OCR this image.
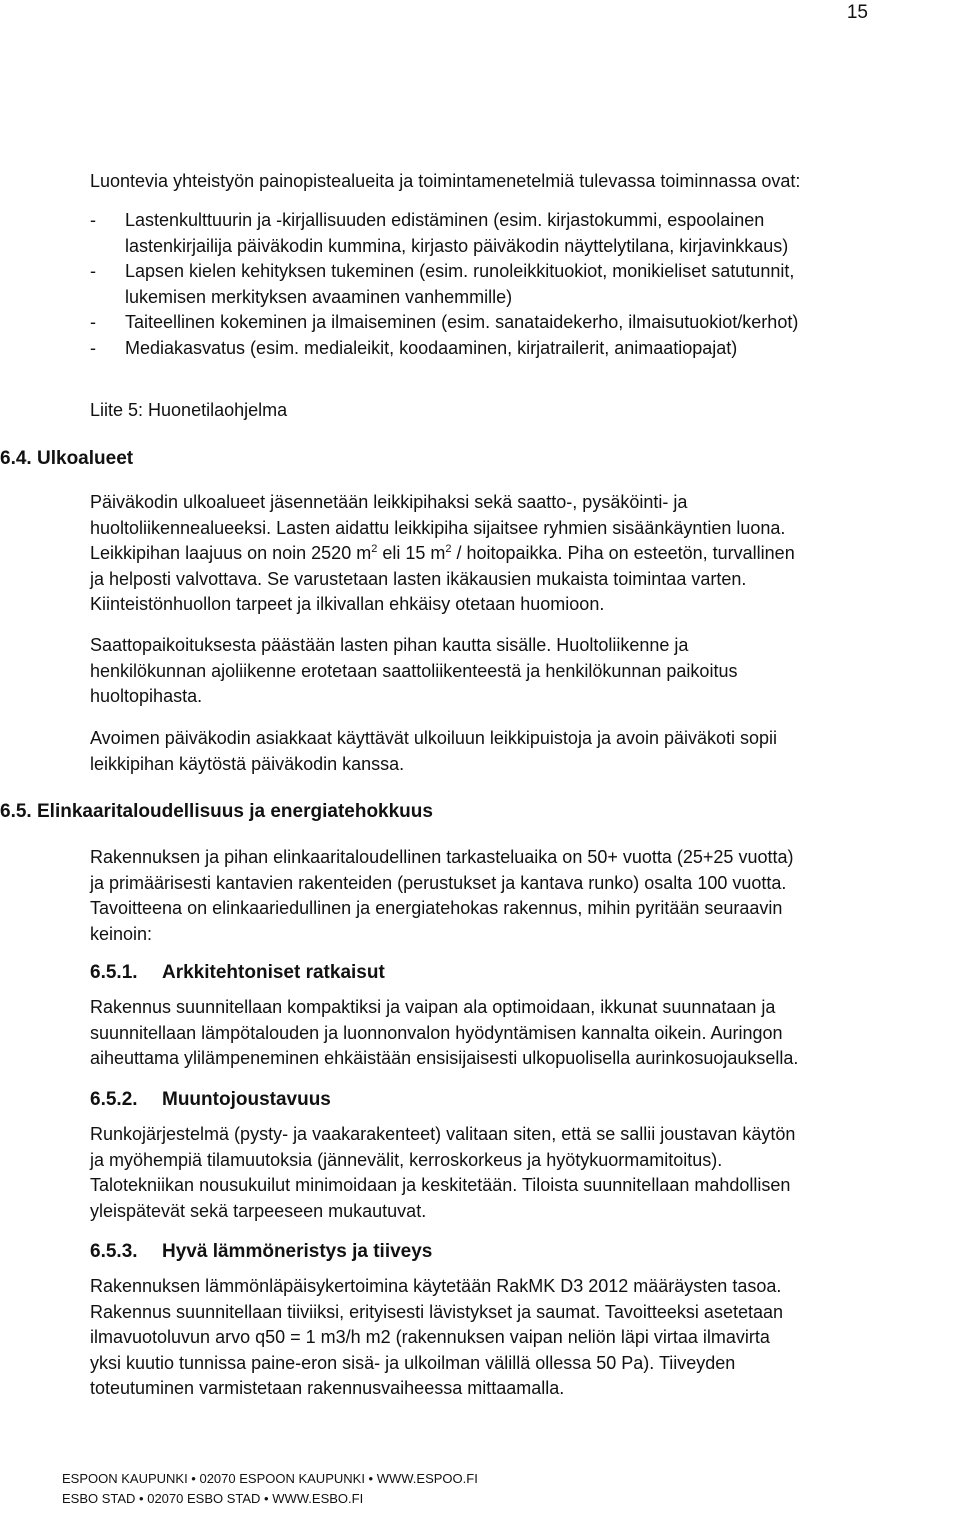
15
Luontevia yhteistyön painopistealueita ja toimintamenetelmiä tulevassa toiminnassa ovat:
- Lastenkulttuurin ja -kirjallisuuden edistäminen (esim. kirjastokummi, espoolainen
lastenkirjailija päiväkodin kummina, kirjasto päiväkodin näyttelytilana, kirjavinkkaus)
- Lapsen kielen kehityksen tukeminen (esim. runoleikkituokiot, monikieliset satutunnit,
lukemisen merkityksen avaaminen vanhemmille)
- Taiteellinen kokeminen ja ilmaiseminen (esim. sanataidekerho, ilmaisutuokiot/kerhot)
- Mediakasvatus (esim. medialeikit, koodaaminen, kirjatrailerit, animaatiopajat)
Liite 5: Huonetilaohjelma
6.4. Ulkoalueet
Päiväkodin ulkoalueet jäsennetään leikkipihaksi sekä saatto-, pysäköinti- ja
huoltoliikennealueeksi. Lasten aidattu leikkipiha sijaitsee ryhmien sisäänkäyntien luona.
Leikkipihan laajuus on noin 2520 $m^2$ eli 15 $m^2$ / hoitopaikka. Piha on esteetön, turvallinen
ja helposti valvottava. Se varustetaan lasten ikäkausien mukaista toimintaa varten.
Kiinteistönhuollon tarpeet ja ilkivallan ehkäisy otetaan huomioon.
Saattopaikoituksesta päästään lasten pihan kautta sisälle. Huoltoliikenne ja
henkilökunnan ajoliikenne erotetaan saattoliikenteestä ja henkilökunnan paikoitus
huoltopihasta.
Avoimen päiväkodin asiakkaat käyttävät ulkoiluun leikkipuistoja ja avoin päiväkoti sopii
leikkipihan käytöstä päiväkodin kanssa.
6.5. Elinkaaritaloudellisuus ja energiatehokkuus
Rakennuksen ja pihan elinkaaritaloudellinen tarkasteluaika on 50+ vuotta (25+25 vuotta)
ja primäärisesti kantavien rakenteiden (perustukset ja kantava runko) osalta 100 vuotta.
Tavoitteena on elinkaariedullinen ja energiatehokas rakennus, mihin pyritään seuraavin
keinoin:
6.5.1. Arkkitehtoniset ratkaisut
Rakennus suunnitellaan kompaktiksi ja vaipan ala optimoidaan, ikkunat suunnataan ja
suunnitellaan lämpötalouden ja luonnonvalon hyödyntämisen kannalta oikein. Auringon
aiheuttama ylilämpeneminen ehkäistään ensisijaisesti ulkopuolisella aurinkosuojauksella.
6.5.2. Muuntojoustavuus
Runkojärjestelmä (pysty- ja vaakarakenteet) valitaan siten, että se sallii joustavan käytön
ja myöhempiä tilamuutoksia (jännevälit, kerroskorkeus ja hyötykuormamitoitus).
Talotekniikan nousukuilut minimoidaan ja keskitetään. Tiloista suunnitellaan mahdollisen
yleispätevät sekä tarpeeseen mukautuvat.
6.5.3. Hyvä lämmöneristys ja tiiveys
Rakennuksen lämmönläpäisykertoimina käytetään RakMK D3 2012 määräysten tasoa.
Rakennus suunnitellaan tiiviiksi, erityisesti lävistykset ja saumat. Tavoitteeksi asetetaan
ilmavuotoluvun arvo q50 = 1 m3/h m2 (rakennuksen vaipan neliön läpi virtaa ilmavirta
yksi kuutio tunnissa paine-eron sisä- ja ulkoilman välillä ollessa 50 Pa). Tiiveyden
toteutuminen varmistetaan rakennusvaiheessa mittaamalla.
ESPOON KAUPUNKI • 02070 ESPOON KAUPUNKI • WWW.ESPOO.FI
ESBO STAD • 02070 ESBO STAD • WWW.ESBO.FI
